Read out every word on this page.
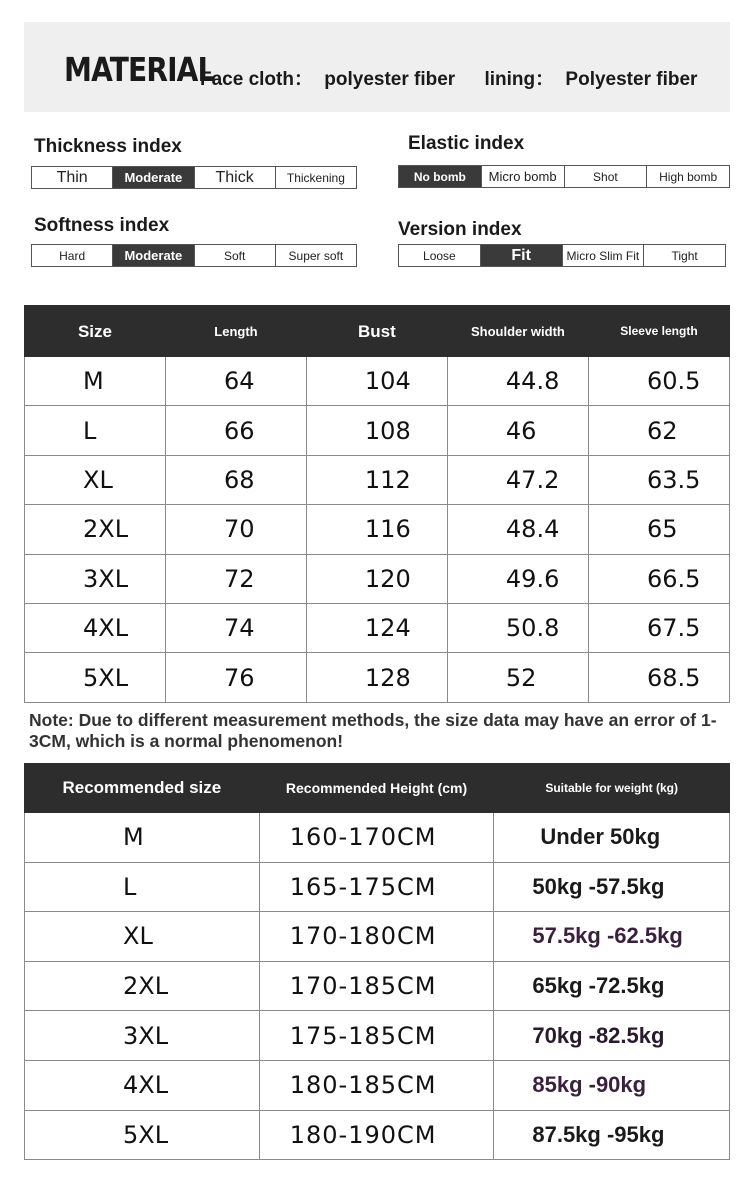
MATERIAL
Face cloth： polyester fiber lining： Polyester fiber
Thickness index
Thin	Moderate	Thick	Thickening
Elastic index
No bomb	Micro bomb	Shot	High bomb
Softness index
Hard	Moderate	Soft	Super soft
Version index
Loose	Fit	Micro Slim Fit	Tight
Size	Length	Bust	Shoulder width	Sleeve length
M	64	104	44.8	60.5
L	66	108	46	62
XL	68	112	47.2	63.5
2XL	70	116	48.4	65
3XL	72	120	49.6	66.5
4XL	74	124	50.8	67.5
5XL	76	128	52	68.5
Note: Due to different measurement methods, the size data may have an error of 1-3CM, which is a normal phenomenon!
Recommended size	Recommended Height (cm)	Suitable for weight (kg)
M	160-170CM	Under 50kg
L	165-175CM	50kg -57.5kg
XL	170-180CM	57.5kg -62.5kg
2XL	170-185CM	65kg -72.5kg
3XL	175-185CM	70kg -82.5kg
4XL	180-185CM	85kg -90kg
5XL	180-190CM	87.5kg -95kg
